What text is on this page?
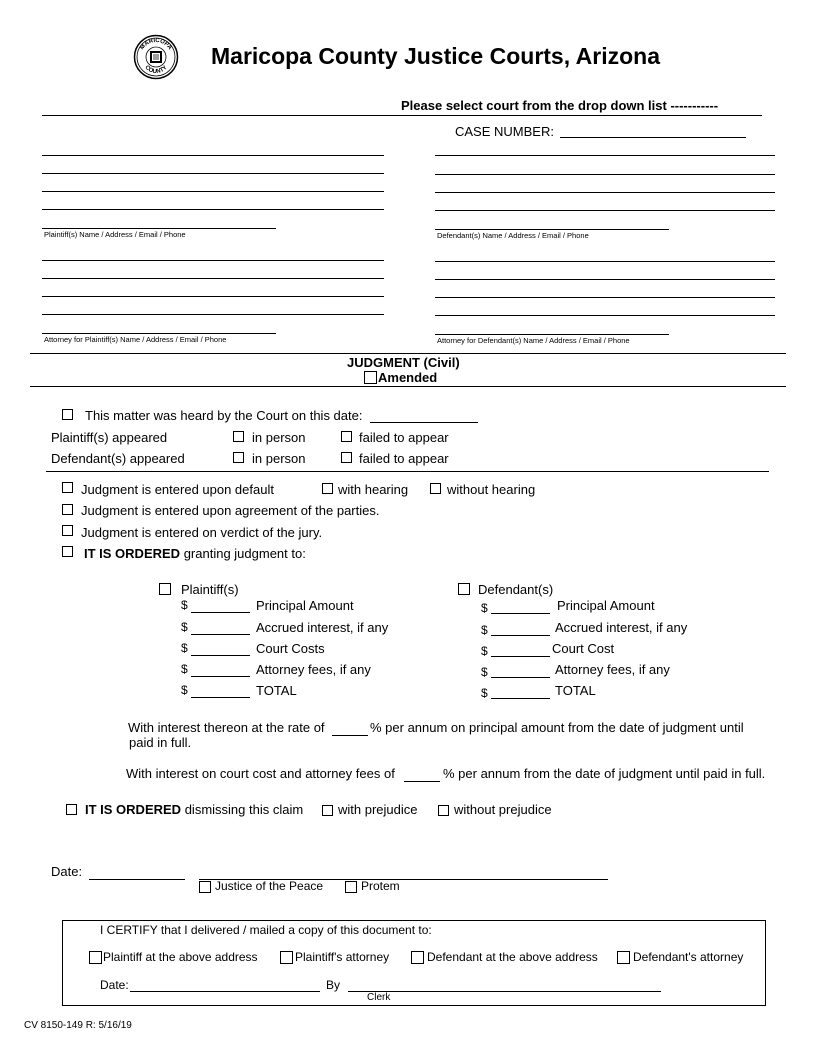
MARICOPA
COUNTY Maricopa County Justice Courts, Arizona
Please select court from the drop down list -----------
CASE NUMBER:
Plaintiff(s) Name / Address / Email / Phone	Defendant(s) Name / Address / Email / Phone
Attorney for Plaintiff(s) Name / Address / Email / Phone	Attorney for Defendant(s) Name / Address / Email / Phone
JUDGMENT (Civil)
Amended
This matter was heard by the Court on this date:
Plaintiff(s) appeared	in person	failed to appear
Defendant(s) appeared	in person	failed to appear
Judgment is entered upon default	with hearing	without hearing
Judgment is entered upon agreement of the parties.
Judgment is entered on verdict of the jury.
IT IS ORDERED granting judgment to:
Plaintiff(s)
$	Principal Amount
$	Accrued interest, if any
$	Court Costs
$	Attorney fees, if any
$	TOTAL
Defendant(s)
$	Principal Amount
$	Accrued interest, if any
$	Court Cost
$	Attorney fees, if any
$	TOTAL
With interest thereon at the rate of	% per annum on principal amount from the date of judgment until
paid in full.
With interest on court cost and attorney fees of	% per annum from the date of judgment until paid in full.
IT IS ORDERED dismissing this claim	with prejudice	without prejudice
Date:
Justice of the Peace	Protem
I CERTIFY that I delivered / mailed a copy of this document to:
Plaintiff at the above address	Plaintiff's attorney	Defendant at the above address	Defendant's attorney
Date:	By
Clerk
CV 8150-149 R: 5/16/19
